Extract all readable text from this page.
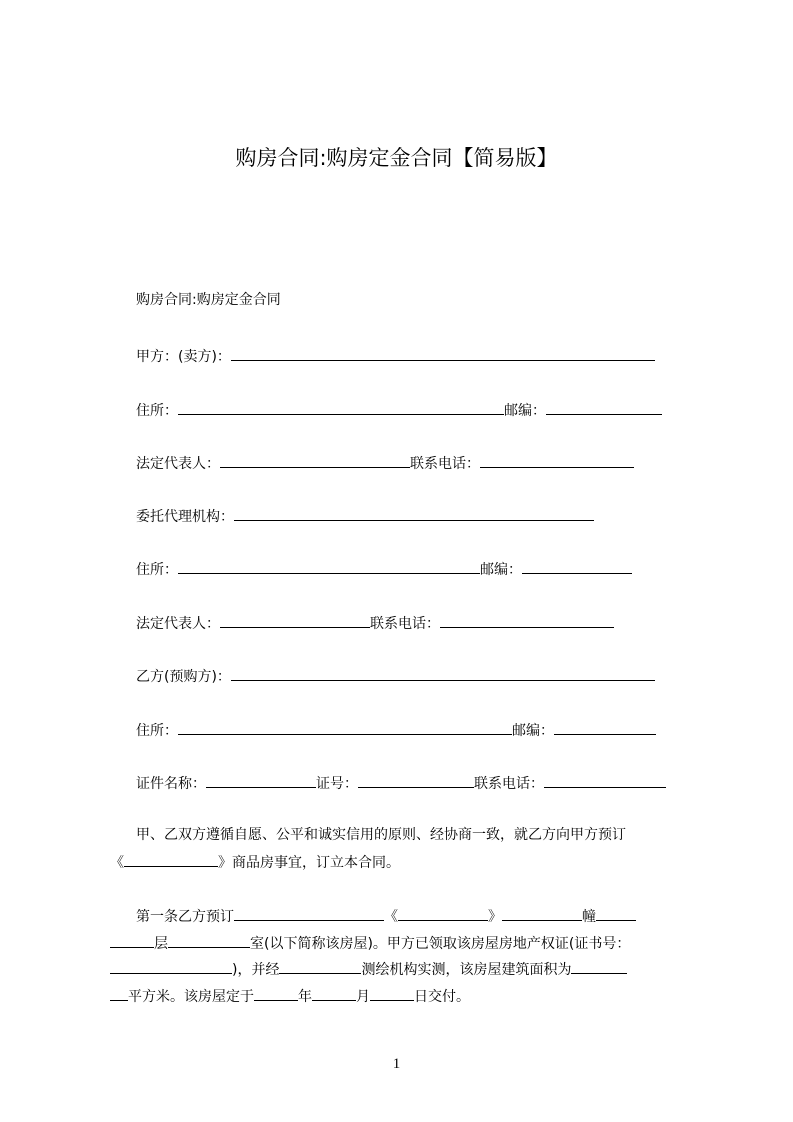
购房合同:购房定金合同【简易版】
购房合同:购房定金合同
甲方：(卖方)：
住所：	邮编：
法定代表人：	联系电话：
委托代理机构：
住所：	邮编：
法定代表人：	联系电话：
乙方(预购方)：
住所：	邮编：
证件名称：	证号：	联系电话：
甲、乙双方遵循自愿、公平和诚实信用的原则、经协商一致，就乙方向甲方预订
《	》商品房事宜，订立本合同。
第一条乙方预订	《	》	幢
层	室(以下简称该房屋)。甲方已领取该房屋房地产权证(证书号：
)，并经	测绘机构实测，该房屋建筑面积为
平方米。该房屋定于	年	月	日交付。
1
